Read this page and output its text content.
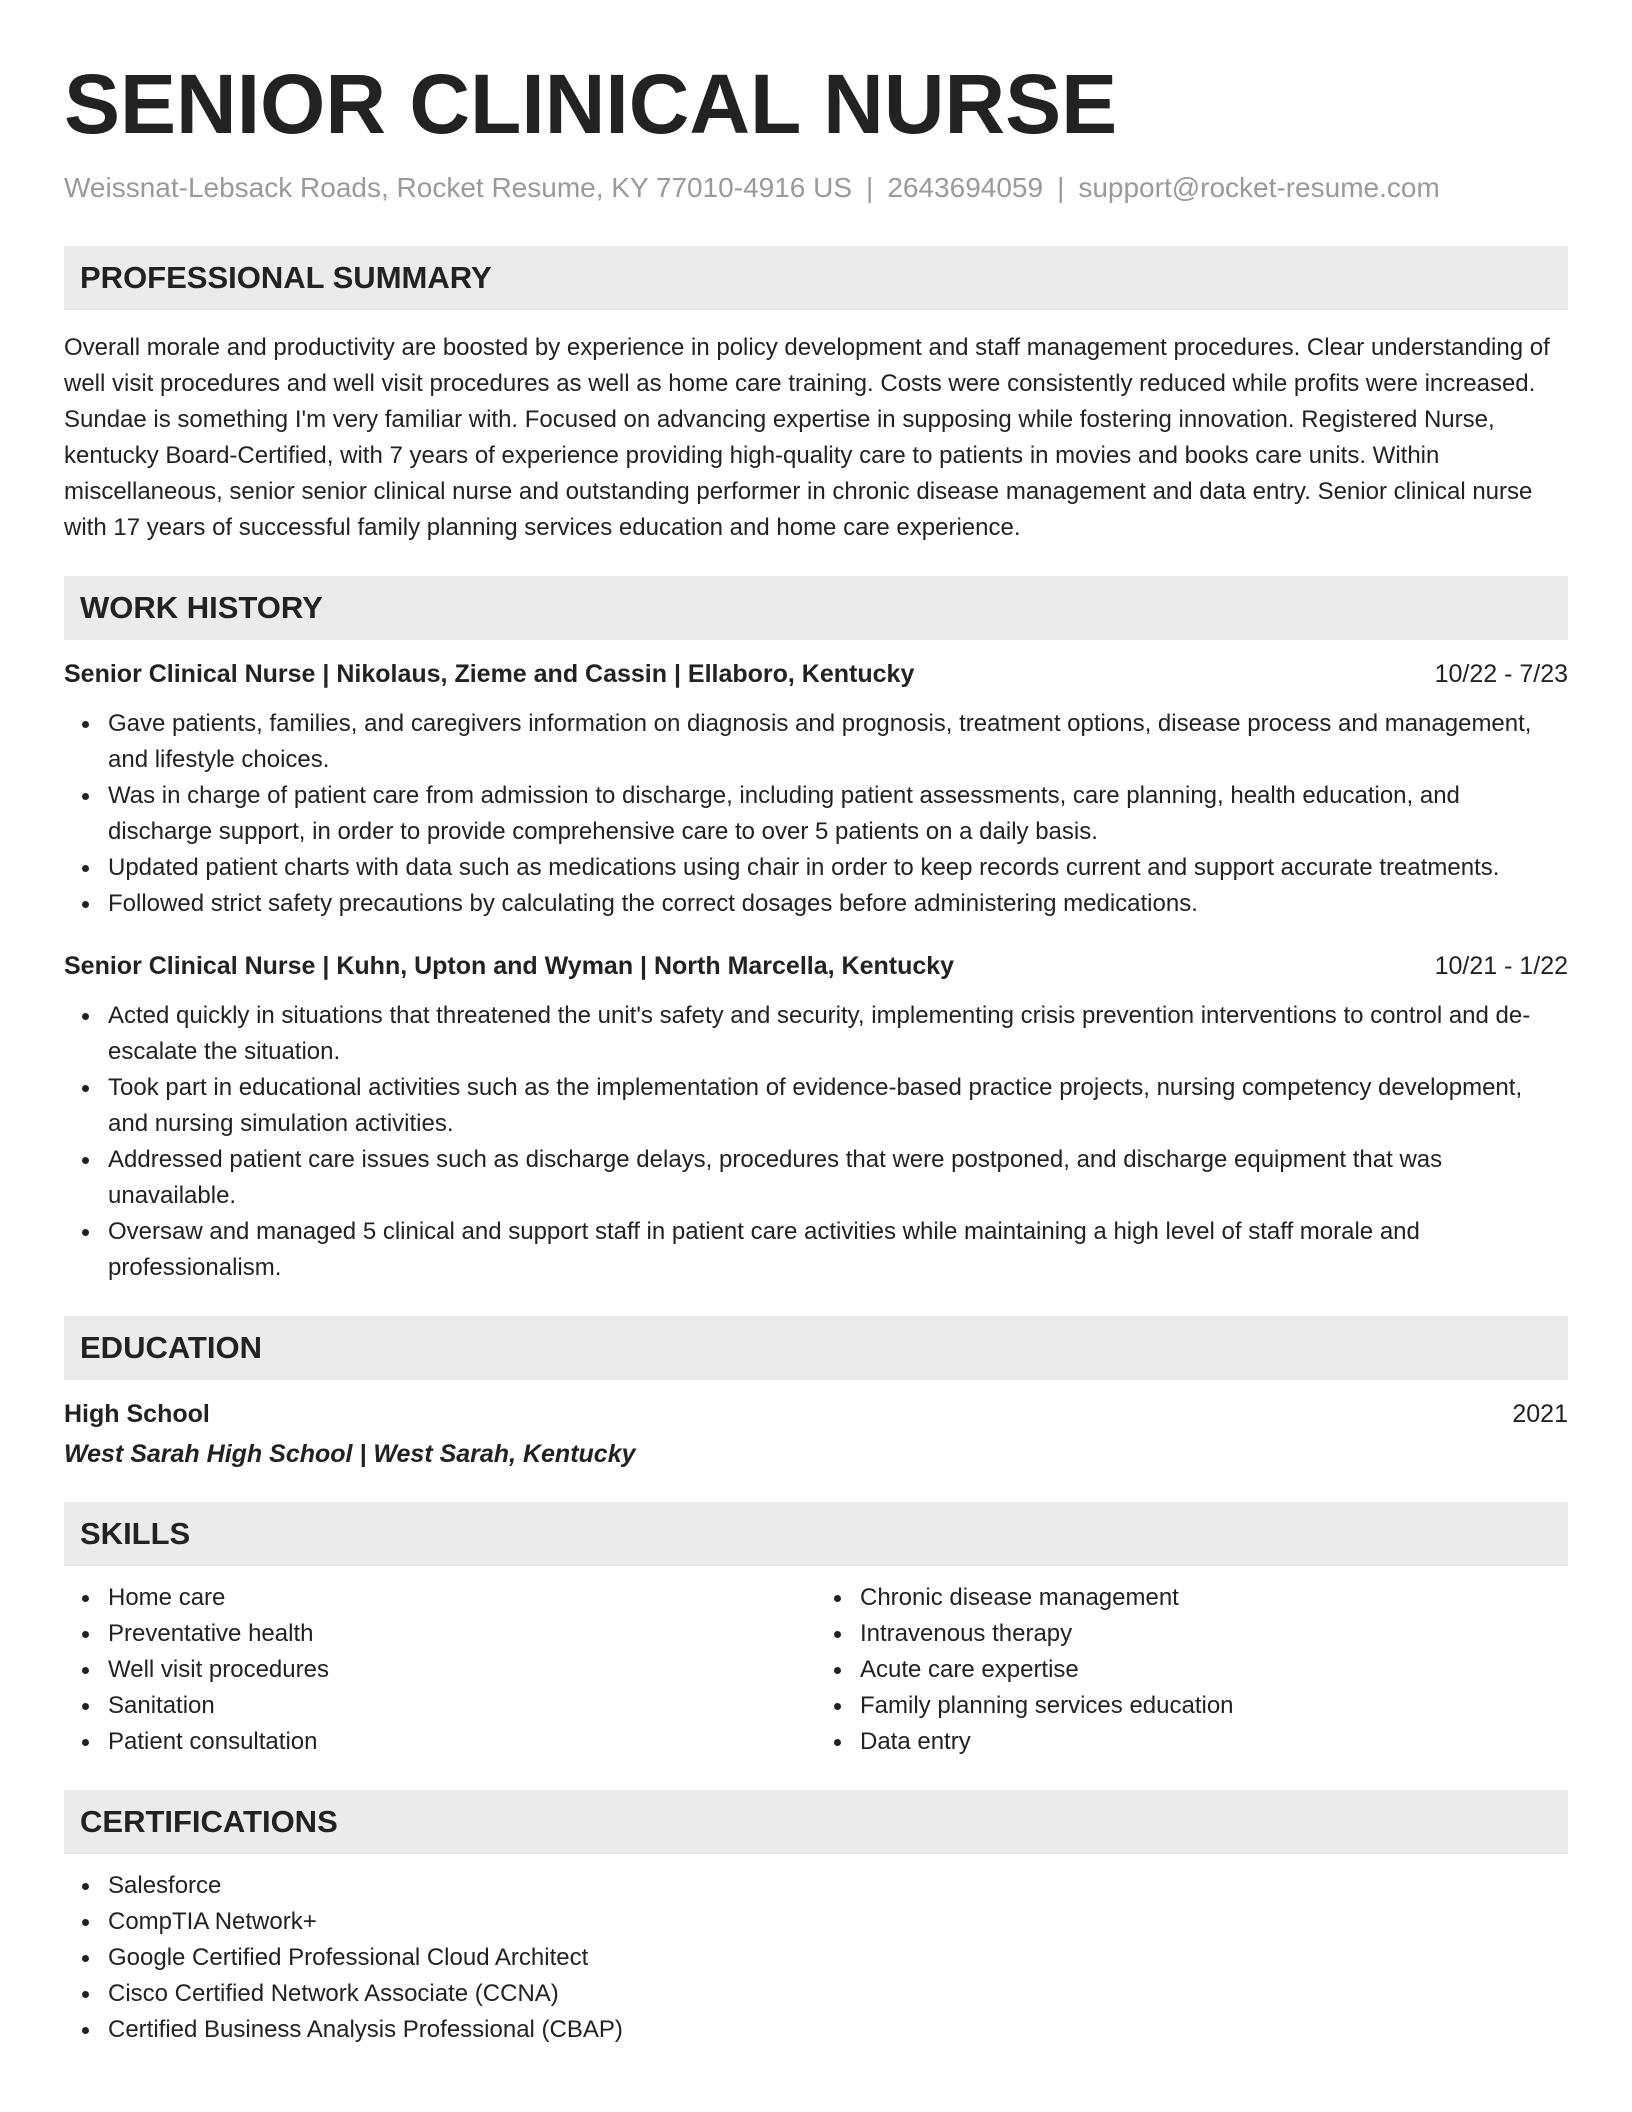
SENIOR CLINICAL NURSE
Weissnat-Lebsack Roads, Rocket Resume, KY 77010-4916 US | 2643694059 | support@rocket-resume.com
PROFESSIONAL SUMMARY

Overall morale and productivity are boosted by experience in policy development and staff management procedures. Clear understanding of well visit procedures and well visit procedures as well as home care training. Costs were consistently reduced while profits were increased. Sundae is something I'm very familiar with. Focused on advancing expertise in supposing while fostering innovation. Registered Nurse, kentucky Board-Certified, with 7 years of experience providing high-quality care to patients in movies and books care units. Within miscellaneous, senior senior clinical nurse and outstanding performer in chronic disease management and data entry. Senior clinical nurse with 17 years of successful family planning services education and home care experience.

WORK HISTORY
Senior Clinical Nurse | Nikolaus, Zieme and Cassin | Ellaboro, Kentucky	10/22 - 7/23
Gave patients, families, and caregivers information on diagnosis and prognosis, treatment options, disease process and management, and lifestyle choices.
Was in charge of patient care from admission to discharge, including patient assessments, care planning, health education, and discharge support, in order to provide comprehensive care to over 5 patients on a daily basis.
Updated patient charts with data such as medications using chair in order to keep records current and support accurate treatments.
Followed strict safety precautions by calculating the correct dosages before administering medications.
Senior Clinical Nurse | Kuhn, Upton and Wyman | North Marcella, Kentucky	10/21 - 1/22
Acted quickly in situations that threatened the unit's safety and security, implementing crisis prevention interventions to control and de-escalate the situation.
Took part in educational activities such as the implementation of evidence-based practice projects, nursing competency development, and nursing simulation activities.
Addressed patient care issues such as discharge delays, procedures that were postponed, and discharge equipment that was unavailable.
Oversaw and managed 5 clinical and support staff in patient care activities while maintaining a high level of staff morale and professionalism.
EDUCATION
High School	2021
West Sarah High School | West Sarah, Kentucky
SKILLS
Home care
Preventative health
Well visit procedures
Sanitation
Patient consultation
Chronic disease management
Intravenous therapy
Acute care expertise
Family planning services education
Data entry
CERTIFICATIONS
Salesforce
CompTIA Network+
Google Certified Professional Cloud Architect
Cisco Certified Network Associate (CCNA)
Certified Business Analysis Professional (CBAP)
